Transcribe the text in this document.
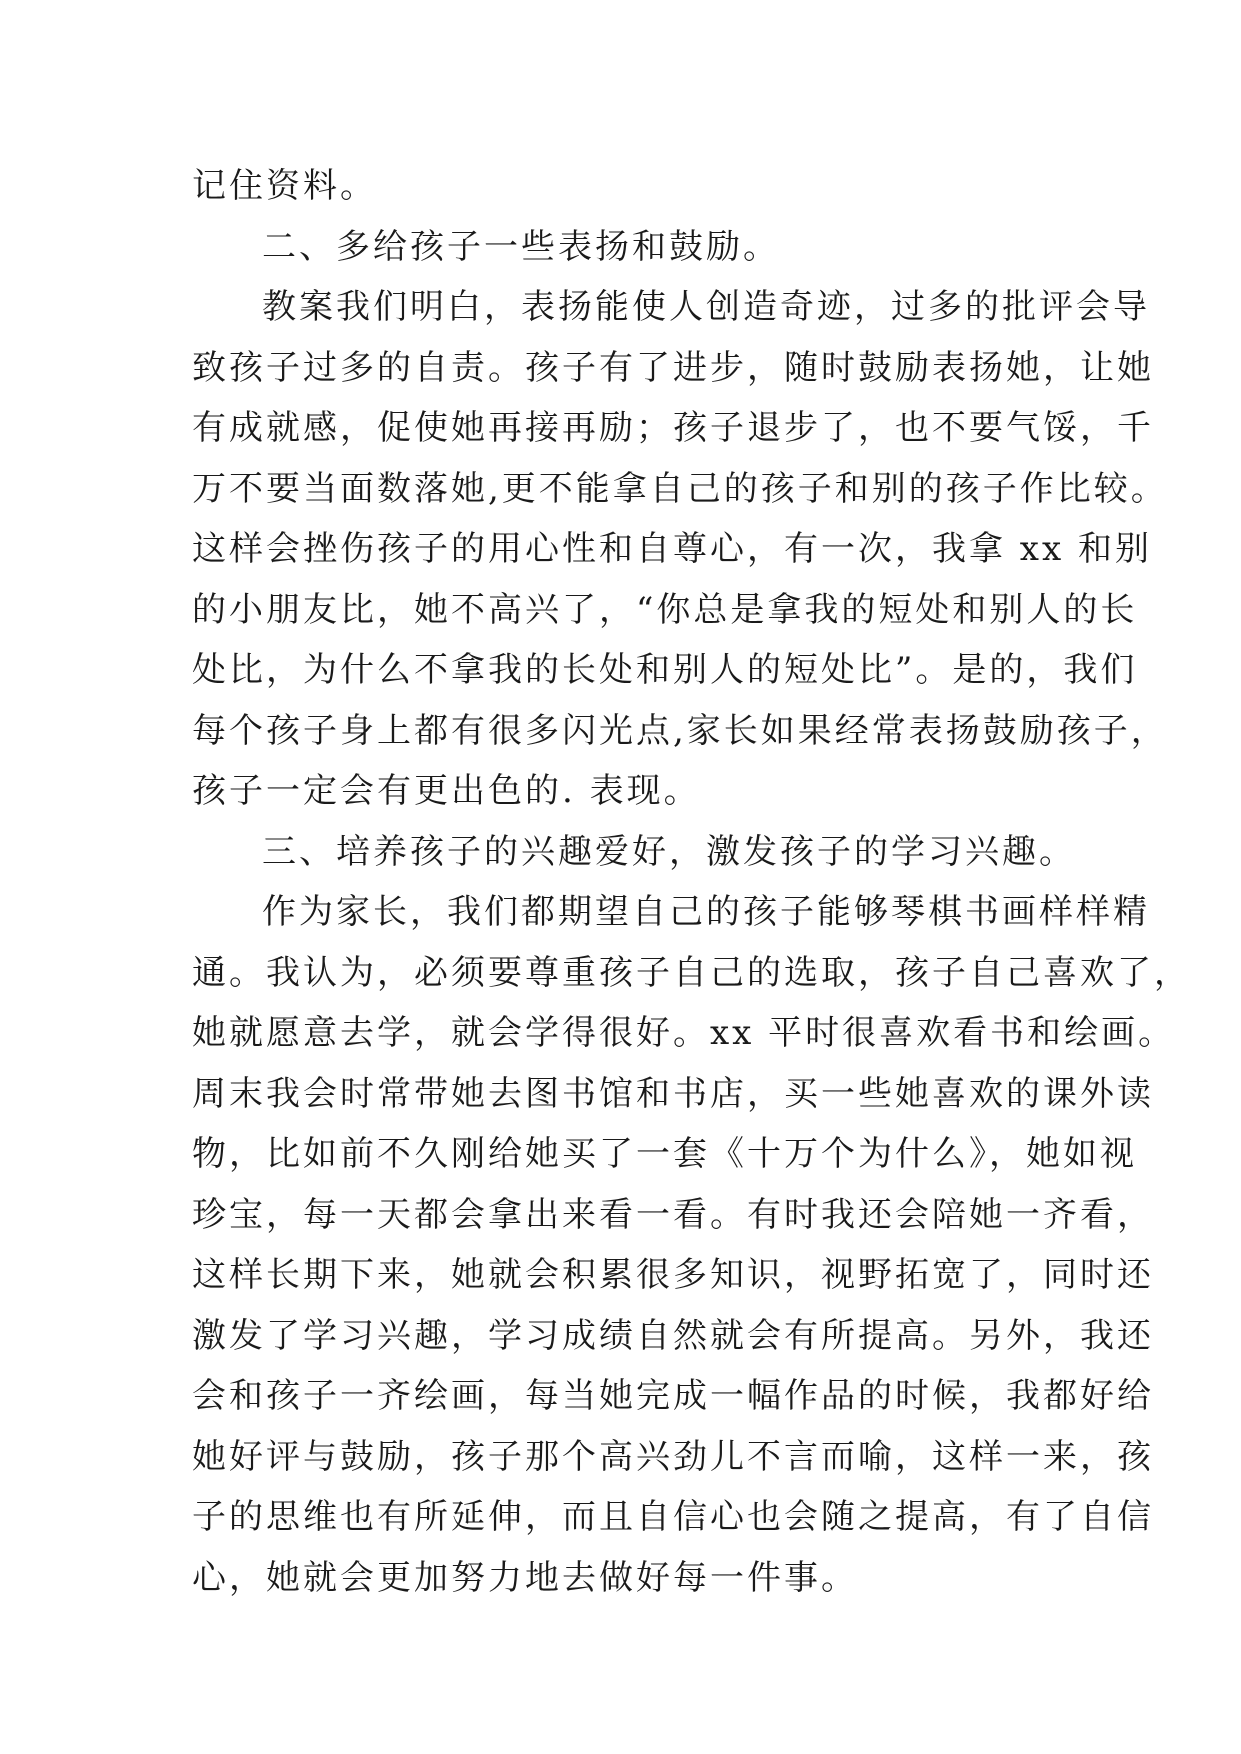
记住资料。
二、多给孩子一些表扬和鼓励。
教案我们明白，表扬能使人创造奇迹，过多的批评会导
致孩子过多的自责。孩子有了进步，随时鼓励表扬她，让她
有成就感，促使她再接再励；孩子退步了，也不要气馁，千
万不要当面数落她,更不能拿自己的孩子和别的孩子作比较。
这样会挫伤孩子的用心性和自尊心，有一次，我拿 xx 和别
的小朋友比，她不高兴了，“你总是拿我的短处和别人的长
处比，为什么不拿我的长处和别人的短处比”。是的，我们
每个孩子身上都有很多闪光点,家长如果经常表扬鼓励孩子，
孩子一定会有更出色的. 表现。
三、培养孩子的兴趣爱好，激发孩子的学习兴趣。
作为家长，我们都期望自己的孩子能够琴棋书画样样精
通。我认为，必须要尊重孩子自己的选取，孩子自己喜欢了，
她就愿意去学，就会学得很好。xx 平时很喜欢看书和绘画。
周末我会时常带她去图书馆和书店，买一些她喜欢的课外读
物，比如前不久刚给她买了一套《十万个为什么》，她如视
珍宝，每一天都会拿出来看一看。有时我还会陪她一齐看，
这样长期下来，她就会积累很多知识，视野拓宽了，同时还
激发了学习兴趣，学习成绩自然就会有所提高。另外，我还
会和孩子一齐绘画，每当她完成一幅作品的时候，我都好给
她好评与鼓励，孩子那个高兴劲儿不言而喻，这样一来，孩
子的思维也有所延伸，而且自信心也会随之提高，有了自信
心，她就会更加努力地去做好每一件事。
